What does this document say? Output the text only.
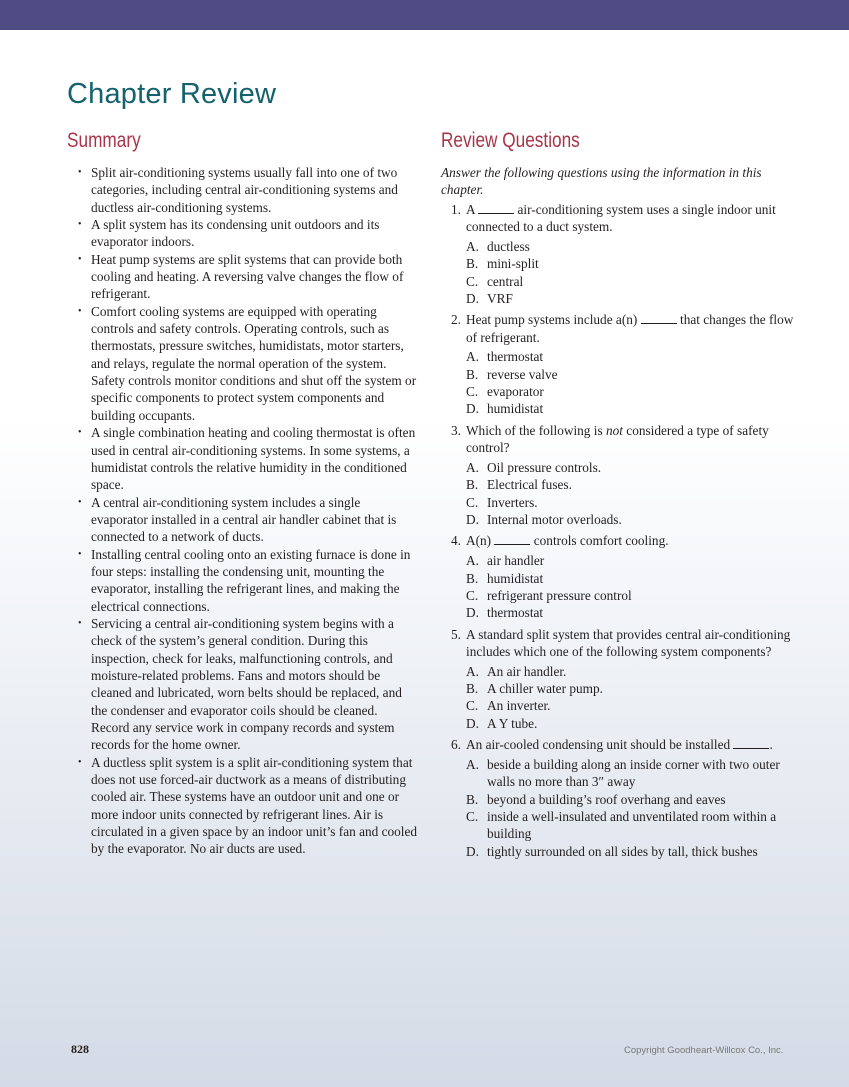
Chapter Review
Summary	Review Questions
• Split air-conditioning systems usually fall into one of two categories, including central air-conditioning systems and ductless air-conditioning systems.
• A split system has its condensing unit outdoors and its evaporator indoors.
• Heat pump systems are split systems that can provide both cooling and heating. A reversing valve changes the flow of refrigerant.
• Comfort cooling systems are equipped with operating controls and safety controls. Operating controls, such as thermostats, pressure switches, humidistats, motor starters, and relays, regulate the normal operation of the system. Safety controls monitor conditions and shut off the system or specific components to protect system components and building occupants.
• A single combination heating and cooling thermostat is often used in central air-conditioning systems. In some systems, a humidistat controls the relative humidity in the conditioned space.
• A central air-conditioning system includes a single evaporator installed in a central air handler cabinet that is connected to a network of ducts.
• Installing central cooling onto an existing furnace is done in four steps: installing the condensing unit, mounting the evaporator, installing the refrigerant lines, and making the electrical connections.
• Servicing a central air-conditioning system begins with a check of the system’s general condition. During this inspection, check for leaks, malfunctioning controls, and moisture-related problems. Fans and motors should be cleaned and lubricated, worn belts should be replaced, and the condenser and evaporator coils should be cleaned. Record any service work in company records and system records for the home owner.
• A ductless split system is a split air-conditioning system that does not use forced-air ductwork as a means of distributing cooled air. These systems have an outdoor unit and one or more indoor units connected by refrigerant lines. Air is circulated in a given space by an indoor unit’s fan and cooled by the evaporator. No air ducts are used.
Answer the following questions using the information in this chapter.
1. A	air-conditioning system uses a single indoor unit connected to a duct system.
A. ductless
B. mini-split
C. central
D. VRF
2. Heat pump systems include a(n)	that changes the flow of refrigerant.
A. thermostat
B. reverse valve
C. evaporator
D. humidistat
3. Which of the following is not considered a type of safety control?
A. Oil pressure controls.
B. Electrical fuses.
C. Inverters.
D. Internal motor overloads.
4. A(n)	controls comfort cooling.
A. air handler
B. humidistat
C. refrigerant pressure control
D. thermostat
5. A standard split system that provides central air-conditioning includes which one of the following system components?
A. An air handler.
B. A chiller water pump.
C. An inverter.
D. A Y tube.
6. An air-cooled condensing unit should be installed	.
A. beside a building along an inside corner with two outer walls no more than 3″ away
B. beyond a building’s roof overhang and eaves
C. inside a well-insulated and unventilated room within a building
D. tightly surrounded on all sides by tall, thick bushes
828	Copyright Goodheart-Willcox Co., Inc.
